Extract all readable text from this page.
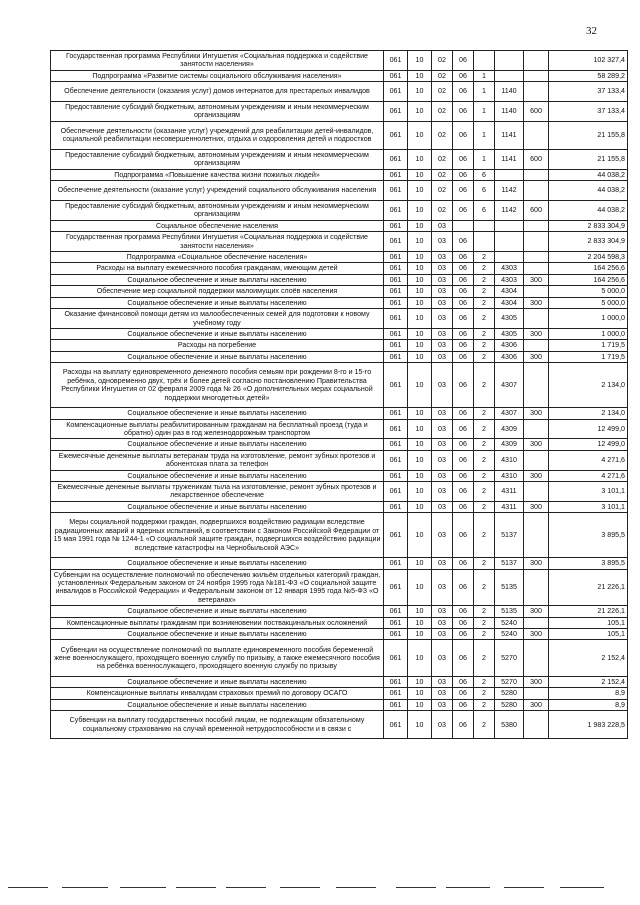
32
Государственная программа Республики Ингушетия «Социальная поддержка и содействие занятости населения»	061	10	02	06				102 327,4
Подпрограмма «Развитие системы социального обслуживания населения»	061	10	02	06	1			58 289,2
Обеспечение деятельности (оказания услуг) домов интернатов для престарелых инвалидов	061	10	02	06	1	1140		37 133,4
Предоставление субсидий бюджетным, автономным учреждениям и иным некоммерческим организациям	061	10	02	06	1	1140	600	37 133,4
Обеспечение деятельности (оказание услуг) учреждений для реабилитации детей-инвалидов, социальной реабилитации несовершеннолетних, отдыха и оздоровления детей и подростков	061	10	02	06	1	1141		21 155,8
Предоставление субсидий бюджетным, автономным учреждениям и иным некоммерческим организациям	061	10	02	06	1	1141	600	21 155,8
Подпрограмма «Повышение качества жизни пожилых людей»	061	10	02	06	6			44 038,2
Обеспечение деятельности (оказание услуг) учреждений социального обслуживания населения	061	10	02	06	6	1142		44 038,2
Предоставление субсидий бюджетным, автономным учреждениям и иным некоммерческим организациям	061	10	02	06	6	1142	600	44 038,2
Социальное обеспечение населения	061	10	03					2 833 304,9
Государственная программа Республики Ингушетия «Социальная поддержка и содействие занятости населения»	061	10	03	06				2 833 304,9
Подпрограмма «Социальное обеспечение населения»	061	10	03	06	2			2 204 598,3
Расходы на выплату ежемесячного пособия гражданам, имеющим детей	061	10	03	06	2	4303		164 256,6
Социальное обеспечение и иные выплаты населению	061	10	03	06	2	4303	300	164 256,6
Обеспечение мер социальной поддержки малоимущих слоёв населения	061	10	03	06	2	4304		5 000,0
Социальное обеспечение и иные выплаты населению	061	10	03	06	2	4304	300	5 000,0
Оказание финансовой помощи детям из малообеспеченных семей для подготовки к новому учебному году	061	10	03	06	2	4305		1 000,0
Социальное обеспечение и иные выплаты населению	061	10	03	06	2	4305	300	1 000,0
Расходы на погребение	061	10	03	06	2	4306		1 719,5
Социальное обеспечение и иные выплаты населению	061	10	03	06	2	4306	300	1 719,5
Расходы на выплату единовременного денежного пособия семьям при рождении 8-го и 15-го ребёнка, одновременно двух, трёх и более детей согласно постановлению Правительства Республики Ингушетия от 02 февраля 2009 года № 26 «О дополнительных мерах социальной поддержки многодетных детей»	061	10	03	06	2	4307		2 134,0
Социальное обеспечение и иные выплаты населению	061	10	03	06	2	4307	300	2 134,0
Компенсационные выплаты реабилитированным гражданам на бесплатный проезд (туда и обратно) один раз в год железнодорожным транспортом	061	10	03	06	2	4309		12 499,0
Социальное обеспечение и иные выплаты населению	061	10	03	06	2	4309	300	12 499,0
Ежемесячные денежные выплаты ветеранам труда на изготовление, ремонт зубных протезов и абонентская плата за телефон	061	10	03	06	2	4310		4 271,6
Социальное обеспечение и иные выплаты населению	061	10	03	06	2	4310	300	4 271,6
Ежемесячные денежные выплаты труженикам тыла на изготовление, ремонт зубных протезов и лекарственное обеспечение	061	10	03	06	2	4311		3 101,1
Социальное обеспечение и иные выплаты населению	061	10	03	06	2	4311	300	3 101,1
Меры социальной поддержки граждан, подвергшихся воздействию радиации вследствие радиационных аварий и ядерных испытаний, в соответствии с Законом Российской Федерации от 15 мая 1991 года № 1244-1 «О социальной защите граждан, подвергшихся воздействию радиации вследствие катастрофы на Чернобыльской АЭС»	061	10	03	06	2	5137		3 895,5
Социальное обеспечение и иные выплаты населению	061	10	03	06	2	5137	300	3 895,5
Субвенции на осуществление полномочий по обеспечению жильём отдельных категорий граждан, установленных Федеральным законом от 24 ноября 1995 года №181-ФЗ «О социальной защите инвалидов в Российской Федерации» и Федеральным законом от 12 января 1995 года №5-ФЗ «О ветеранах»	061	10	03	06	2	5135		21 226,1
Социальное обеспечение и иные выплаты населению	061	10	03	06	2	5135	300	21 226,1
Компенсационные выплаты гражданам при возникновении поствакцинальных осложнений	061	10	03	06	2	5240		105,1
Социальное обеспечение и иные выплаты населению	061	10	03	06	2	5240	300	105,1
Субвенции на осуществление полномочий по выплате единовременного пособия беременной жене военнослужащего, проходящего военную службу по призыву, а также ежемесячного пособия на ребёнка военнослужащего, проходящего военную службу по призыву	061	10	03	06	2	5270		2 152,4
Социальное обеспечение и иные выплаты населению	061	10	03	06	2	5270	300	2 152,4
Компенсационные выплаты инвалидам страховых премий по договору ОСАГО	061	10	03	06	2	5280		8,9
Социальное обеспечение и иные выплаты населению	061	10	03	06	2	5280	300	8,9
Субвенции на выплату государственных пособий лицам, не подлежащим обязательному социальному страхованию на случай временной нетрудоспособности и в связи с	061	10	03	06	2	5380		1 983 228,5
